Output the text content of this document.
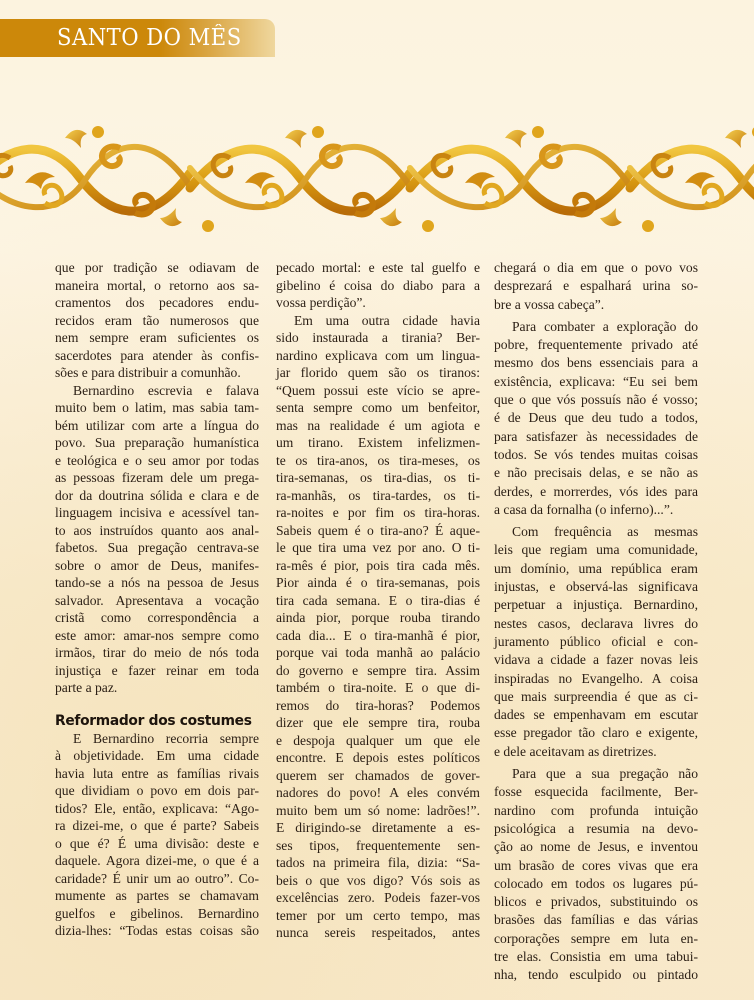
SANTO DO MÊS
que por tradição se odiavam de
maneira mortal, o retorno aos sa-
cramentos dos pecadores endu-
recidos eram tão numerosos que
nem sempre eram suficientes os
sacerdotes para atender às confis-
sões e para distribuir a comunhão.
Bernardino escrevia e falava
muito bem o latim, mas sabia tam-
bém utilizar com arte a língua do
povo. Sua preparação humanística
e teológica e o seu amor por todas
as pessoas fizeram dele um prega-
dor da doutrina sólida e clara e de
linguagem incisiva e acessível tan-
to aos instruídos quanto aos anal-
fabetos. Sua pregação centrava-se
sobre o amor de Deus, manifes-
tando-se a nós na pessoa de Jesus
salvador. Apresentava a vocação
cristã como correspondência a
este amor: amar-nos sempre como
irmãos, tirar do meio de nós toda
injustiça e fazer reinar em toda
parte a paz.
Reformador dos costumes
E Bernardino recorria sempre
à objetividade. Em uma cidade
havia luta entre as famílias rivais
que dividiam o povo em dois par-
tidos? Ele, então, explicava: “Ago-
ra dizei-me, o que é parte? Sabeis
o que é? É uma divisão: deste e
daquele. Agora dizei-me, o que é a
caridade? É unir um ao outro”. Co-
mumente as partes se chamavam
guelfos e gibelinos. Bernardino
dizia-lhes: “Todas estas coisas são
pecado mortal: e este tal guelfo e
gibelino é coisa do diabo para a
vossa perdição”.
Em uma outra cidade havia
sido instaurada a tirania? Ber-
nardino explicava com um lingua-
jar florido quem são os tiranos:
“Quem possui este vício se apre-
senta sempre como um benfeitor,
mas na realidade é um agiota e
um tirano. Existem infelizmen-
te os tira-anos, os tira-meses, os
tira-semanas, os tira-dias, os ti-
ra-manhãs, os tira-tardes, os ti-
ra-noites e por fim os tira-horas.
Sabeis quem é o tira-ano? É aque-
le que tira uma vez por ano. O ti-
ra-mês é pior, pois tira cada mês.
Pior ainda é o tira-semanas, pois
tira cada semana. E o tira-dias é
ainda pior, porque rouba tirando
cada dia... E o tira-manhã é pior,
porque vai toda manhã ao palácio
do governo e sempre tira. Assim
também o tira-noite. E o que di-
remos do tira-horas? Podemos
dizer que ele sempre tira, rouba
e despoja qualquer um que ele
encontre. E depois estes políticos
querem ser chamados de gover-
nadores do povo! A eles convém
muito bem um só nome: ladrões!”.
E dirigindo-se diretamente a es-
ses tipos, frequentemente sen-
tados na primeira fila, dizia: “Sa-
beis o que vos digo? Vós sois as
excelências zero. Podeis fazer-vos
temer por um certo tempo, mas
nunca sereis respeitados, antes
chegará o dia em que o povo vos
desprezará e espalhará urina so-
bre a vossa cabeça”.
Para combater a exploração do
pobre, frequentemente privado até
mesmo dos bens essenciais para a
existência, explicava: “Eu sei bem
que o que vós possuís não é vosso;
é de Deus que deu tudo a todos,
para satisfazer às necessidades de
todos. Se vós tendes muitas coisas
e não precisais delas, e se não as
derdes, e morrerdes, vós ides para
a casa da fornalha (o inferno)...”.
Com frequência as mesmas
leis que regiam uma comunidade,
um domínio, uma república eram
injustas, e observá-las significava
perpetuar a injustiça. Bernardino,
nestes casos, declarava livres do
juramento público oficial e con-
vidava a cidade a fazer novas leis
inspiradas no Evangelho. A coisa
que mais surpreendia é que as ci-
dades se empenhavam em escutar
esse pregador tão claro e exigente,
e dele aceitavam as diretrizes.
Para que a sua pregação não
fosse esquecida facilmente, Ber-
nardino com profunda intuição
psicológica a resumia na devo-
ção ao nome de Jesus, e inventou
um brasão de cores vivas que era
colocado em todos os lugares pú-
blicos e privados, substituindo os
brasões das famílias e das várias
corporações sempre em luta en-
tre elas. Consistia em uma tabui-
nha, tendo esculpido ou pintado
